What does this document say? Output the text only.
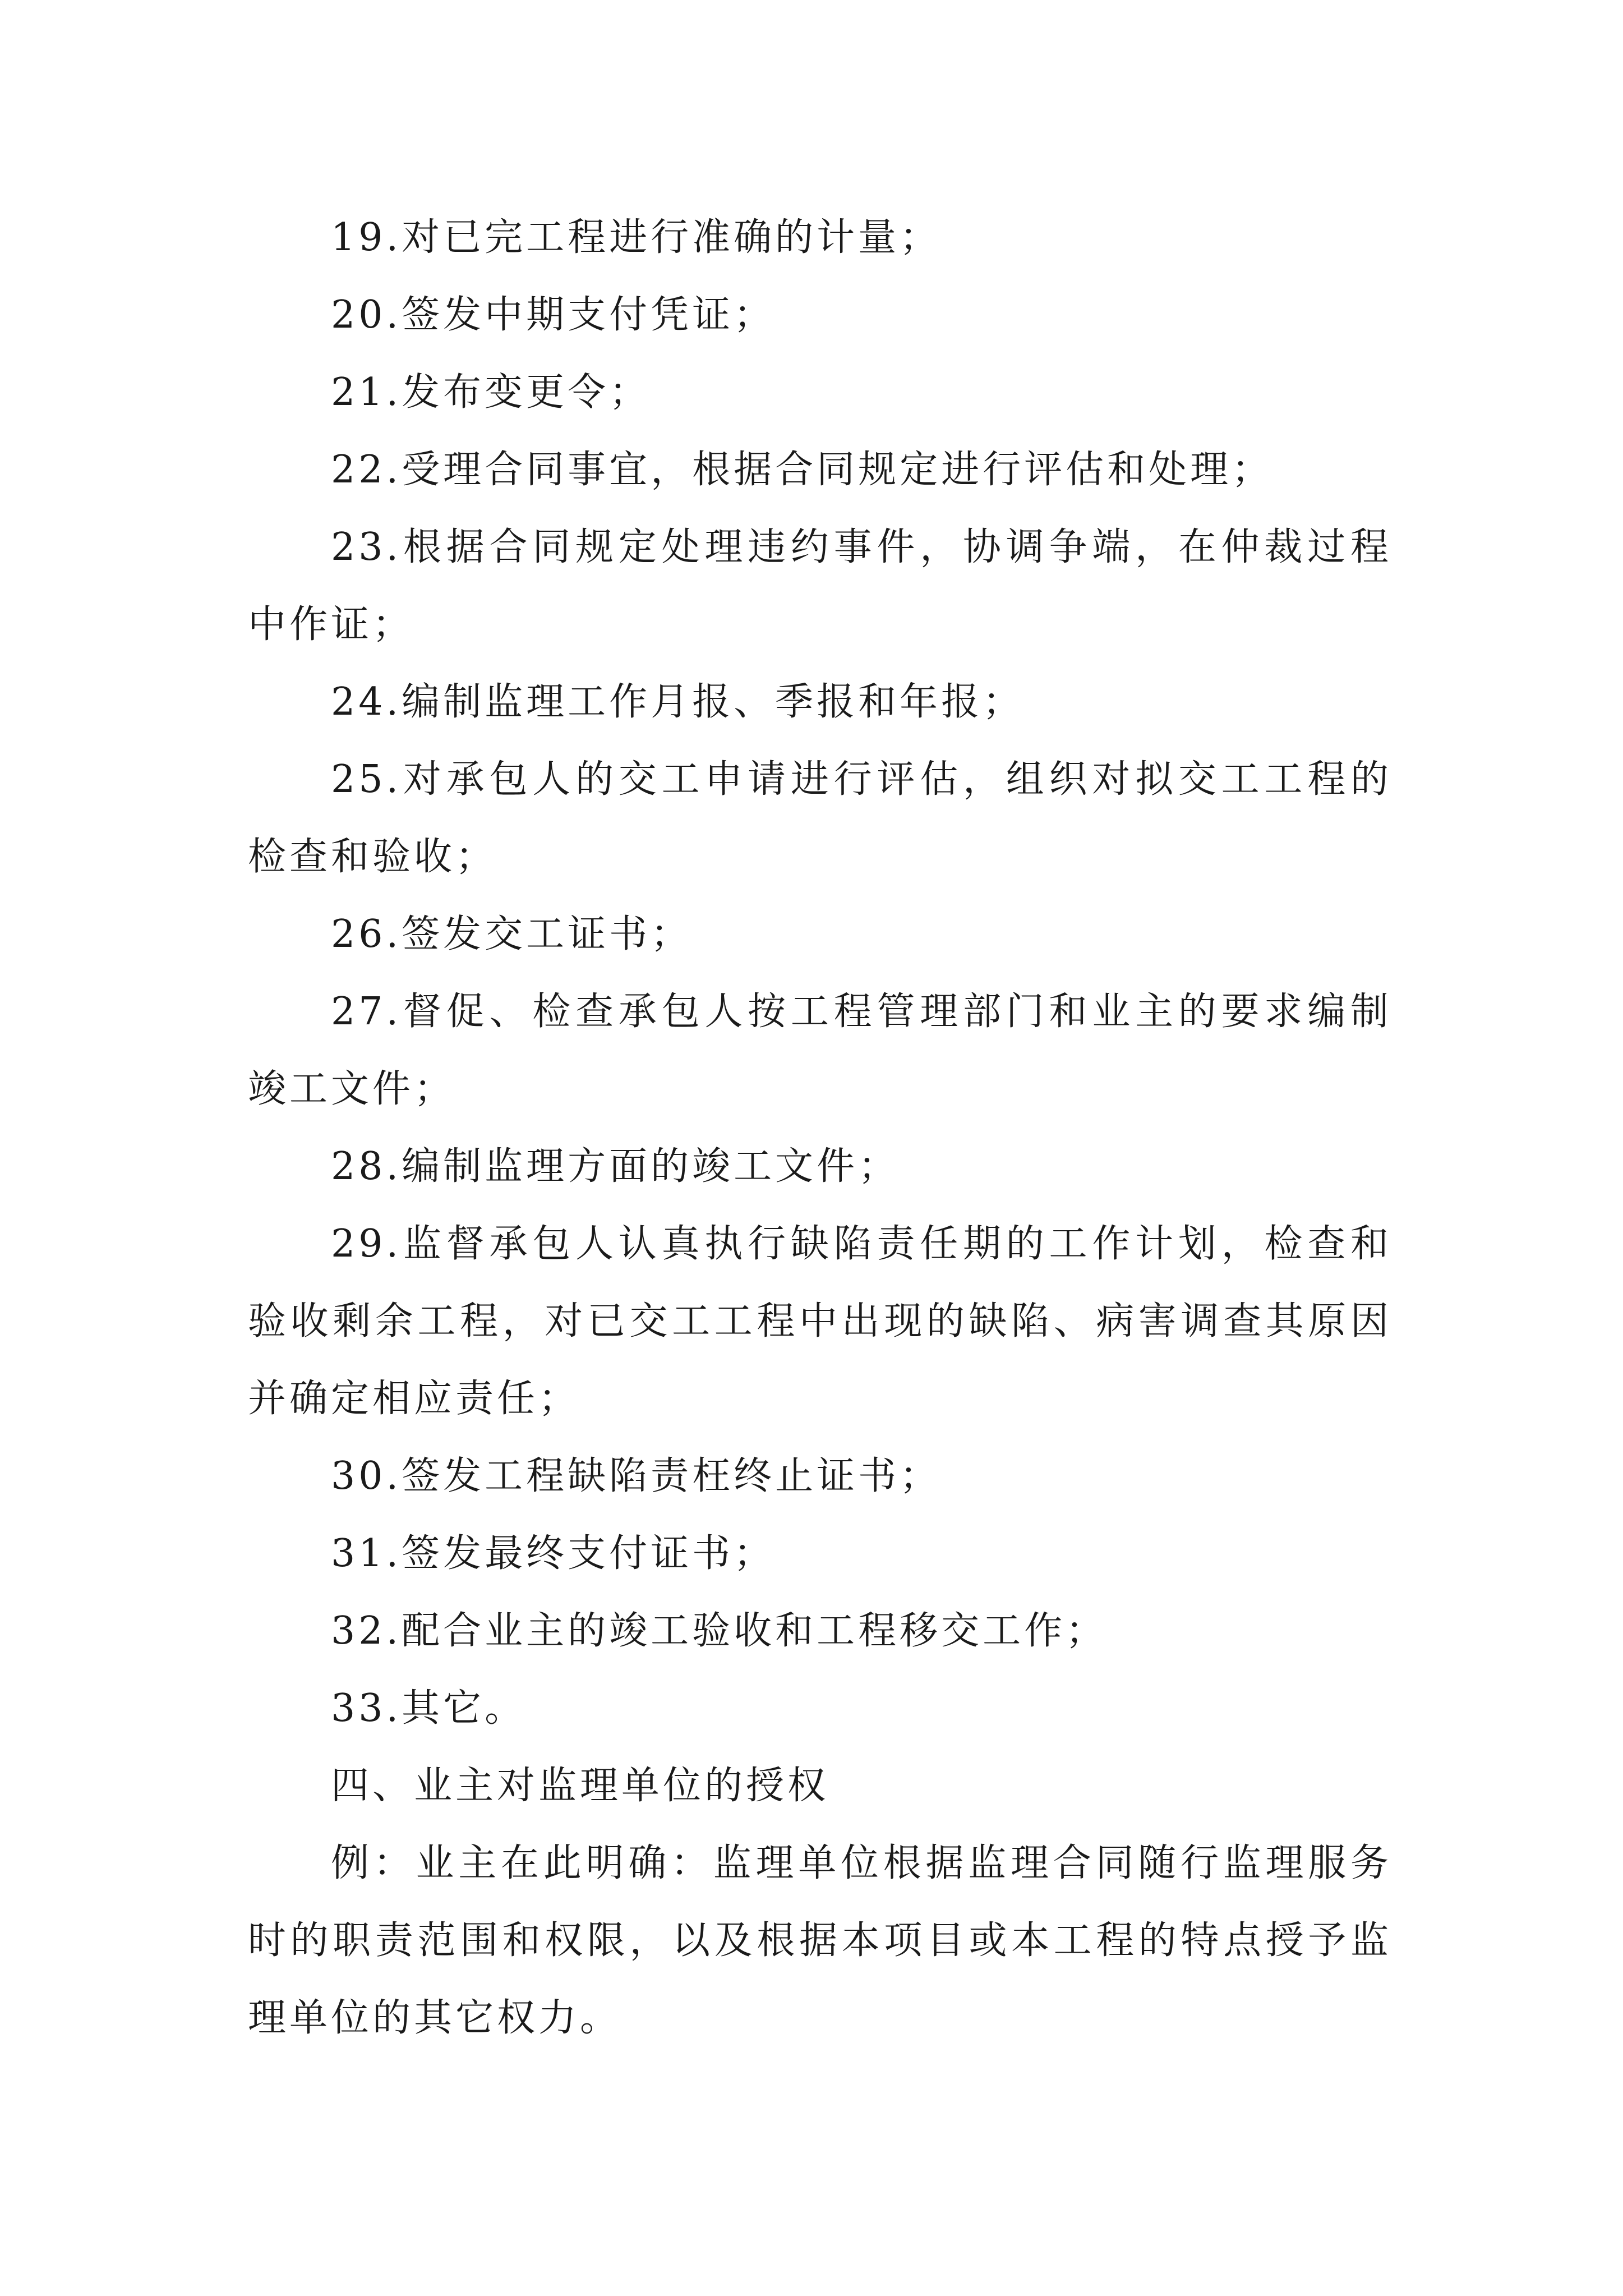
19.对已完工程进行准确的计量；

20.签发中期支付凭证；

21.发布变更令；

22.受理合同事宜，根据合同规定进行评估和处理；

23.根据合同规定处理违约事件，协调争端，在仲裁过程中作证；

24.编制监理工作月报、季报和年报；

25.对承包人的交工申请进行评估，组织对拟交工工程的检查和验收；

26.签发交工证书；

27.督促、检查承包人按工程管理部门和业主的要求编制竣工文件；

28.编制监理方面的竣工文件；

29.监督承包人认真执行缺陷责任期的工作计划，检查和验收剩余工程，对已交工工程中出现的缺陷、病害调查其原因并确定相应责任；

30.签发工程缺陷责枉终止证书；

31.签发最终支付证书；

32.配合业主的竣工验收和工程移交工作；

33.其它。

四、业主对监理单位的授权

例：业主在此明确：监理单位根据监理合同随行监理服务时的职责范围和权限，以及根据本项目或本工程的特点授予监理单位的其它权力。
